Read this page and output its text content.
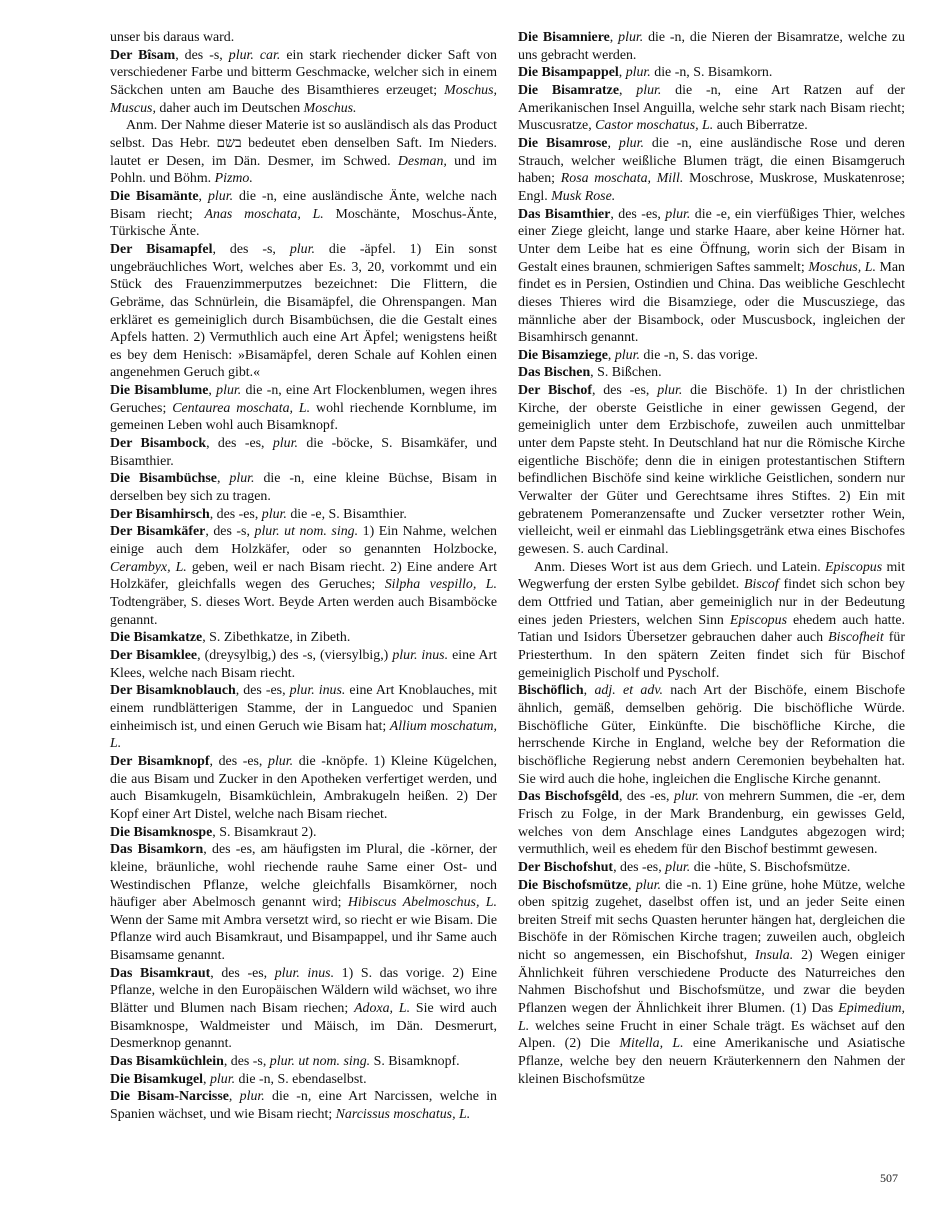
unser bis daraus ward.

Der Bîsam, des -s, plur. car. ein stark riechender dicker Saft von verschiedener Farbe und bitterm Geschmacke, welcher sich in einem Säckchen unten am Bauche des Bisamthieres erzeuget; Moschus, Muscus, daher auch im Deutschen Moschus.

Anm. Der Nahme dieser Materie ist so ausländisch als das Product selbst. Das Hebr. בשם bedeutet eben denselben Saft. Im Nieders. lautet er Desen, im Dän. Desmer, im Schwed. Desman, und im Pohln. und Böhm. Pizmo.

Die Bisamänte, plur. die -n, eine ausländische Änte, welche nach Bisam riecht; Anas moschata, L. Moschänte, Moschus-Änte, Türkische Änte.

Der Bisamapfel, des -s, plur. die -äpfel. 1) Ein sonst ungebräuchliches Wort, welches aber Es. 3, 20, vorkommt und ein Stück des Frauenzimmerputzes bezeichnet: Die Flittern, die Gebräme, das Schnürlein, die Bisamäpfel, die Ohrenspangen. Man erkläret es gemeiniglich durch Bisambüchsen, die die Gestalt eines Apfels hatten. 2) Vermuthlich auch eine Art Äpfel; wenigstens heißt es bey dem Henisch: »Bisamäpfel, deren Schale auf Kohlen einen angenehmen Geruch gibt.«

Die Bisamblume, plur. die -n, eine Art Flockenblumen, wegen ihres Geruches; Centaurea moschata, L. wohl riechende Kornblume, im gemeinen Leben wohl auch Bisamknopf.

Der Bisambock, des -es, plur. die -böcke, S. Bisamkäfer, und Bisamthier.

Die Bisambüchse, plur. die -n, eine kleine Büchse, Bisam in derselben bey sich zu tragen.

Der Bisamhirsch, des -es, plur. die -e, S. Bisamthier.

Der Bisamkäfer, des -s, plur. ut nom. sing. 1) Ein Nahme, welchen einige auch dem Holzkäfer, oder so genannten Holzbocke, Cerambyx, L. geben, weil er nach Bisam riecht. 2) Eine andere Art Holzkäfer, gleichfalls wegen des Geruches; Silpha vespillo, L. Todtengräber, S. dieses Wort. Beyde Arten werden auch Bisamböcke genannt.

Die Bisamkatze, S. Zibethkatze, in Zibeth.

Der Bisamklee, (dreysylbig,) des -s, (viersylbig,) plur. inus. eine Art Klees, welche nach Bisam riecht.

Der Bisamknoblauch, des -es, plur. inus. eine Art Knoblauches, mit einem rundblätterigen Stamme, der in Languedoc und Spanien einheimisch ist, und einen Geruch wie Bisam hat; Allium moschatum, L.

Der Bisamknopf, des -es, plur. die -knöpfe. 1) Kleine Kügelchen, die aus Bisam und Zucker in den Apotheken verfertiget werden, und auch Bisamkugeln, Bisamküchlein, Ambrakugeln heißen. 2) Der Kopf einer Art Distel, welche nach Bisam riechet.

Die Bisamknospe, S. Bisamkraut 2).

Das Bisamkorn, des -es, am häufigsten im Plural, die -körner, der kleine, bräunliche, wohl riechende rauhe Same einer Ost- und Westindischen Pflanze, welche gleichfalls Bisamkörner, noch häufiger aber Abelmosch genannt wird; Hibiscus Abelmoschus, L. Wenn der Same mit Ambra versetzt wird, so riecht er wie Bisam. Die Pflanze wird auch Bisamkraut, und Bisampappel, und ihr Same auch Bisamsame genannt.

Das Bisamkraut, des -es, plur. inus. 1) S. das vorige. 2) Eine Pflanze, welche in den Europäischen Wäldern wild wächset, wo ihre Blätter und Blumen nach Bisam riechen; Adoxa, L. Sie wird auch Bisamknospe, Waldmeister und Mäisch, im Dän. Desmerurt, Desmerknop genannt.

Das Bisamküchlein, des -s, plur. ut nom. sing. S. Bisamknopf.

Die Bisamkugel, plur. die -n, S. ebendaselbst.

Die Bisam-Narcisse, plur. die -n, eine Art Narcissen, welche in Spanien wächset, und wie Bisam riecht; Narcissus moschatus, L.

Die Bisamniere, plur. die -n, die Nieren der Bisamratze, welche zu uns gebracht werden.

Die Bisampappel, plur. die -n, S. Bisamkorn.

Die Bisamratze, plur. die -n, eine Art Ratzen auf der Amerikanischen Insel Anguilla, welche sehr stark nach Bisam riecht; Muscusratze, Castor moschatus, L. auch Biberratze.

Die Bisamrose, plur. die -n, eine ausländische Rose und deren Strauch, welcher weißliche Blumen trägt, die einen Bisamgeruch haben; Rosa moschata, Mill. Moschrose, Muskrose, Muskatenrose; Engl. Musk Rose.

Das Bisamthier, des -es, plur. die -e, ein vierfüßiges Thier, welches einer Ziege gleicht, lange und starke Haare, aber keine Hörner hat. Unter dem Leibe hat es eine Öffnung, worin sich der Bisam in Gestalt eines braunen, schmierigen Saftes sammelt; Moschus, L. Man findet es in Persien, Ostindien und China. Das weibliche Geschlecht dieses Thieres wird die Bisamziege, oder die Muscusziege, das männliche aber der Bisambock, oder Muscusbock, ingleichen der Bisamhirsch genannt.

Die Bisamziege, plur. die -n, S. das vorige.

Das Bischen, S. Bißchen.

Der Bischof, des -es, plur. die Bischöfe. 1) In der christlichen Kirche, der oberste Geistliche in einer gewissen Gegend, der gemeiniglich unter dem Erzbischofe, zuweilen auch unmittelbar unter dem Papste steht. In Deutschland hat nur die Römische Kirche eigentliche Bischöfe; denn die in einigen protestantischen Stiftern befindlichen Bischöfe sind keine wirkliche Geistlichen, sondern nur Verwalter der Güter und Gerechtsame ihres Stiftes. 2) Ein mit gebratenem Pomeranzensafte und Zucker versetzter rother Wein, vielleicht, weil er einmahl das Lieblingsgetränk etwa eines Bischofes gewesen. S. auch Cardinal.

Anm. Dieses Wort ist aus dem Griech. und Latein. Episcopus mit Wegwerfung der ersten Sylbe gebildet. Biscof findet sich schon bey dem Ottfried und Tatian, aber gemeiniglich nur in der Bedeutung eines jeden Priesters, welchen Sinn Episcopus ehedem auch hatte. Tatian und Isidors Übersetzer gebrauchen daher auch Biscofheit für Priesterthum. In den spätern Zeiten findet sich für Bischof gemeiniglich Pischolf und Pyscholf.

Bischöflich, adj. et adv. nach Art der Bischöfe, einem Bischofe ähnlich, gemäß, demselben gehörig. Die bischöfliche Würde. Bischöfliche Güter, Einkünfte. Die bischöfliche Kirche, die herrschende Kirche in England, welche bey der Reformation die bischöfliche Regierung nebst andern Ceremonien beybehalten hat. Sie wird auch die hohe, ingleichen die Englische Kirche genannt.

Das Bischofsgêld, des -es, plur. von mehrern Summen, die -er, dem Frisch zu Folge, in der Mark Brandenburg, ein gewisses Geld, welches von dem Anschlage eines Landgutes abgezogen wird; vermuthlich, weil es ehedem für den Bischof bestimmt gewesen.

Der Bischofshut, des -es, plur. die -hüte, S. Bischofsmütze.

Die Bischofsmütze, plur. die -n. 1) Eine grüne, hohe Mütze, welche oben spitzig zugehet, daselbst offen ist, und an jeder Seite einen breiten Streif mit sechs Quasten herunter hängen hat, dergleichen die Bischöfe in der Römischen Kirche tragen; zuweilen auch, obgleich nicht so angemessen, ein Bischofshut, Insula. 2) Wegen einiger Ähnlichkeit führen verschiedene Producte des Naturreiches den Nahmen Bischofshut und Bischofsmütze, und zwar die beyden Pflanzen wegen der Ähnlichkeit ihrer Blumen. (1) Das Epimedium, L. welches seine Frucht in einer Schale trägt. Es wächset auf den Alpen. (2) Die Mitella, L. eine Amerikanische und Asiatische Pflanze, welche bey den neuern Kräuterkennern den Nahmen der kleinen Bischofsmütze

507
